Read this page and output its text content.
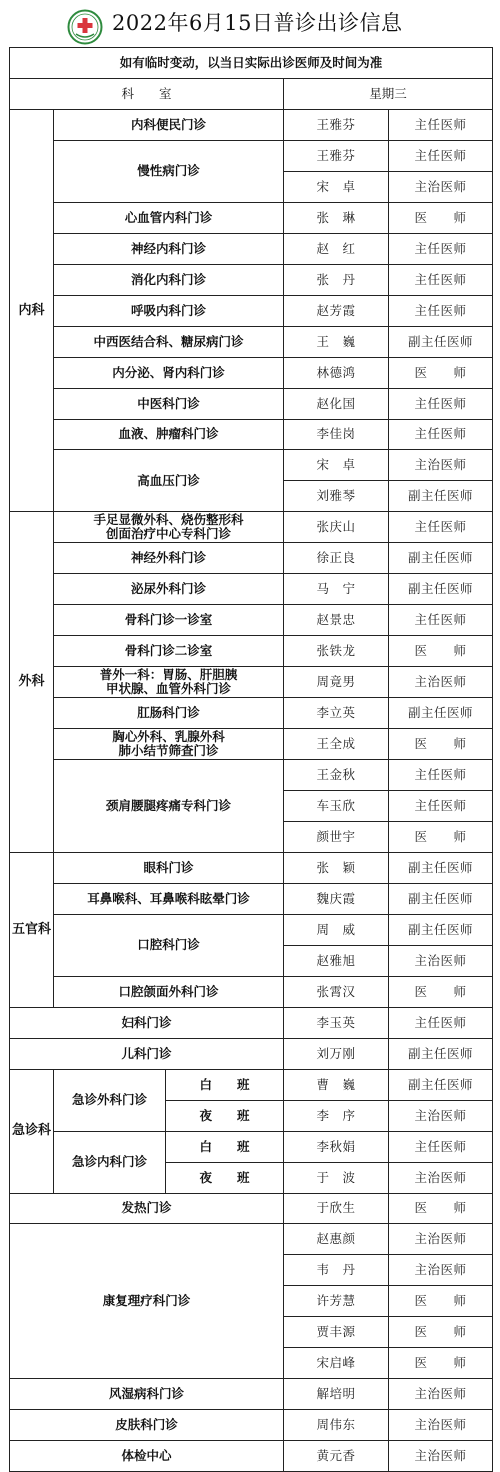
2022年6月15日普诊出诊信息
如有临时变动，以当日实际出诊医师及时间为准
科　　室	星期三
内科
内科便民门诊	王雅芬	主任医师
慢性病门诊
王雅芬	主任医师
宋　卓	主治医师
心血管内科门诊	张　琳	医　　师
神经内科门诊	赵　红	主任医师
消化内科门诊	张　丹	主任医师
呼吸内科门诊	赵芳霞	主任医师
中西医结合科、糖尿病门诊	王　巍	副主任医师
内分泌、肾内科门诊	林德鸿	医　　师
中医科门诊	赵化国	主任医师
血液、肿瘤科门诊	李佳岗	主任医师
高血压门诊
宋　卓	主治医师
刘雅琴	副主任医师
外科
手足显微外科、烧伤整形科
创面治疗中心专科门诊	张庆山	主任医师
神经外科门诊	徐正良	副主任医师
泌尿外科门诊	马　宁	副主任医师
骨科门诊一诊室	赵景忠	主任医师
骨科门诊二诊室	张铁龙	医　　师
普外一科：胃肠、肝胆胰
甲状腺、血管外科门诊	周竟男	主治医师
肛肠科门诊	李立英	副主任医师
胸心外科、乳腺外科
肺小结节筛查门诊	王全成	医　　师
颈肩腰腿疼痛专科门诊
王金秋	主任医师
车玉欣	主任医师
颜世宇	医　　师
五官科
眼科门诊	张　颖	副主任医师
耳鼻喉科、耳鼻喉科眩晕门诊	魏庆霞	副主任医师
口腔科门诊
周　威	副主任医师
赵雅旭	主治医师
口腔颌面外科门诊	张霄汉	医　　师
妇科门诊	李玉英	主任医师
儿科门诊	刘万刚	副主任医师
急诊科
急诊外科门诊
白　　班	曹　巍	副主任医师
夜　　班	李　序	主治医师
急诊内科门诊
白　　班	李秋娟	主任医师
夜　　班	于　波	主治医师
发热门诊	于欣生	医　　师
康复理疗科门诊
赵惠颜	主治医师
韦　丹	主治医师
许芳慧	医　　师
贾丰源	医　　师
宋启峰	医　　师
风湿病科门诊	解培明	主治医师
皮肤科门诊	周伟东	主治医师
体检中心	黄元香	主治医师
